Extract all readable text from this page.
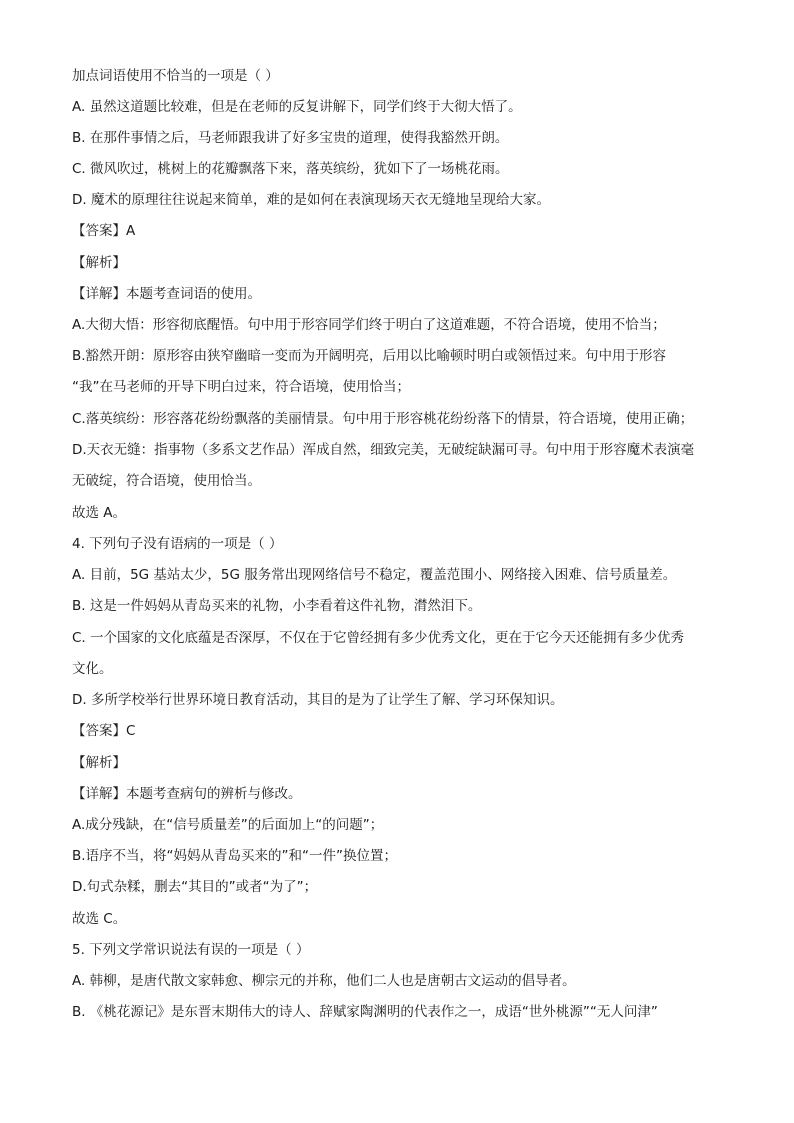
加点词语使用不恰当的一项是（ ）
A. 虽然这道题比较难，但是在老师的反复讲解下，同学们终于大彻大悟了。
B. 在那件事情之后，马老师跟我讲了好多宝贵的道理，使得我豁然开朗。
C. 微风吹过，桃树上的花瓣飘落下来，落英缤纷，犹如下了一场桃花雨。
D. 魔术的原理往往说起来简单，难的是如何在表演现场天衣无缝地呈现给大家。
【答案】A
【解析】
【详解】本题考查词语的使用。
A.大彻大悟：形容彻底醒悟。句中用于形容同学们终于明白了这道难题，不符合语境，使用不恰当；
B.豁然开朗：原形容由狭窄幽暗一变而为开阔明亮，后用以比喻顿时明白或领悟过来。句中用于形容
“我”在马老师的开导下明白过来，符合语境，使用恰当；
C.落英缤纷：形容落花纷纷飘落的美丽情景。句中用于形容桃花纷纷落下的情景，符合语境，使用正确；
D.天衣无缝：指事物（多系文艺作品）浑成自然，细致完美，无破绽缺漏可寻。句中用于形容魔术表演毫
无破绽，符合语境，使用恰当。
故选 A。
4. 下列句子没有语病的一项是（ ）
A. 目前，5G 基站太少，5G 服务常出现网络信号不稳定，覆盖范围小、网络接入困难、信号质量差。
B. 这是一件妈妈从青岛买来的礼物，小李看着这件礼物，潸然泪下。
C. 一个国家的文化底蕴是否深厚，不仅在于它曾经拥有多少优秀文化，更在于它今天还能拥有多少优秀
文化。
D. 多所学校举行世界环境日教育活动，其目的是为了让学生了解、学习环保知识。
【答案】C
【解析】
【详解】本题考查病句的辨析与修改。
A.成分残缺，在“信号质量差”的后面加上“的问题”；
B.语序不当，将“妈妈从青岛买来的”和“一件”换位置；
D.句式杂糅，删去“其目的”或者“为了”；
故选 C。
5. 下列文学常识说法有误的一项是（ ）
A. 韩柳，是唐代散文家韩愈、柳宗元的并称，他们二人也是唐朝古文运动的倡导者。
B. 《桃花源记》是东晋末期伟大的诗人、辞赋家陶渊明的代表作之一，成语“世外桃源”“无人问津”
